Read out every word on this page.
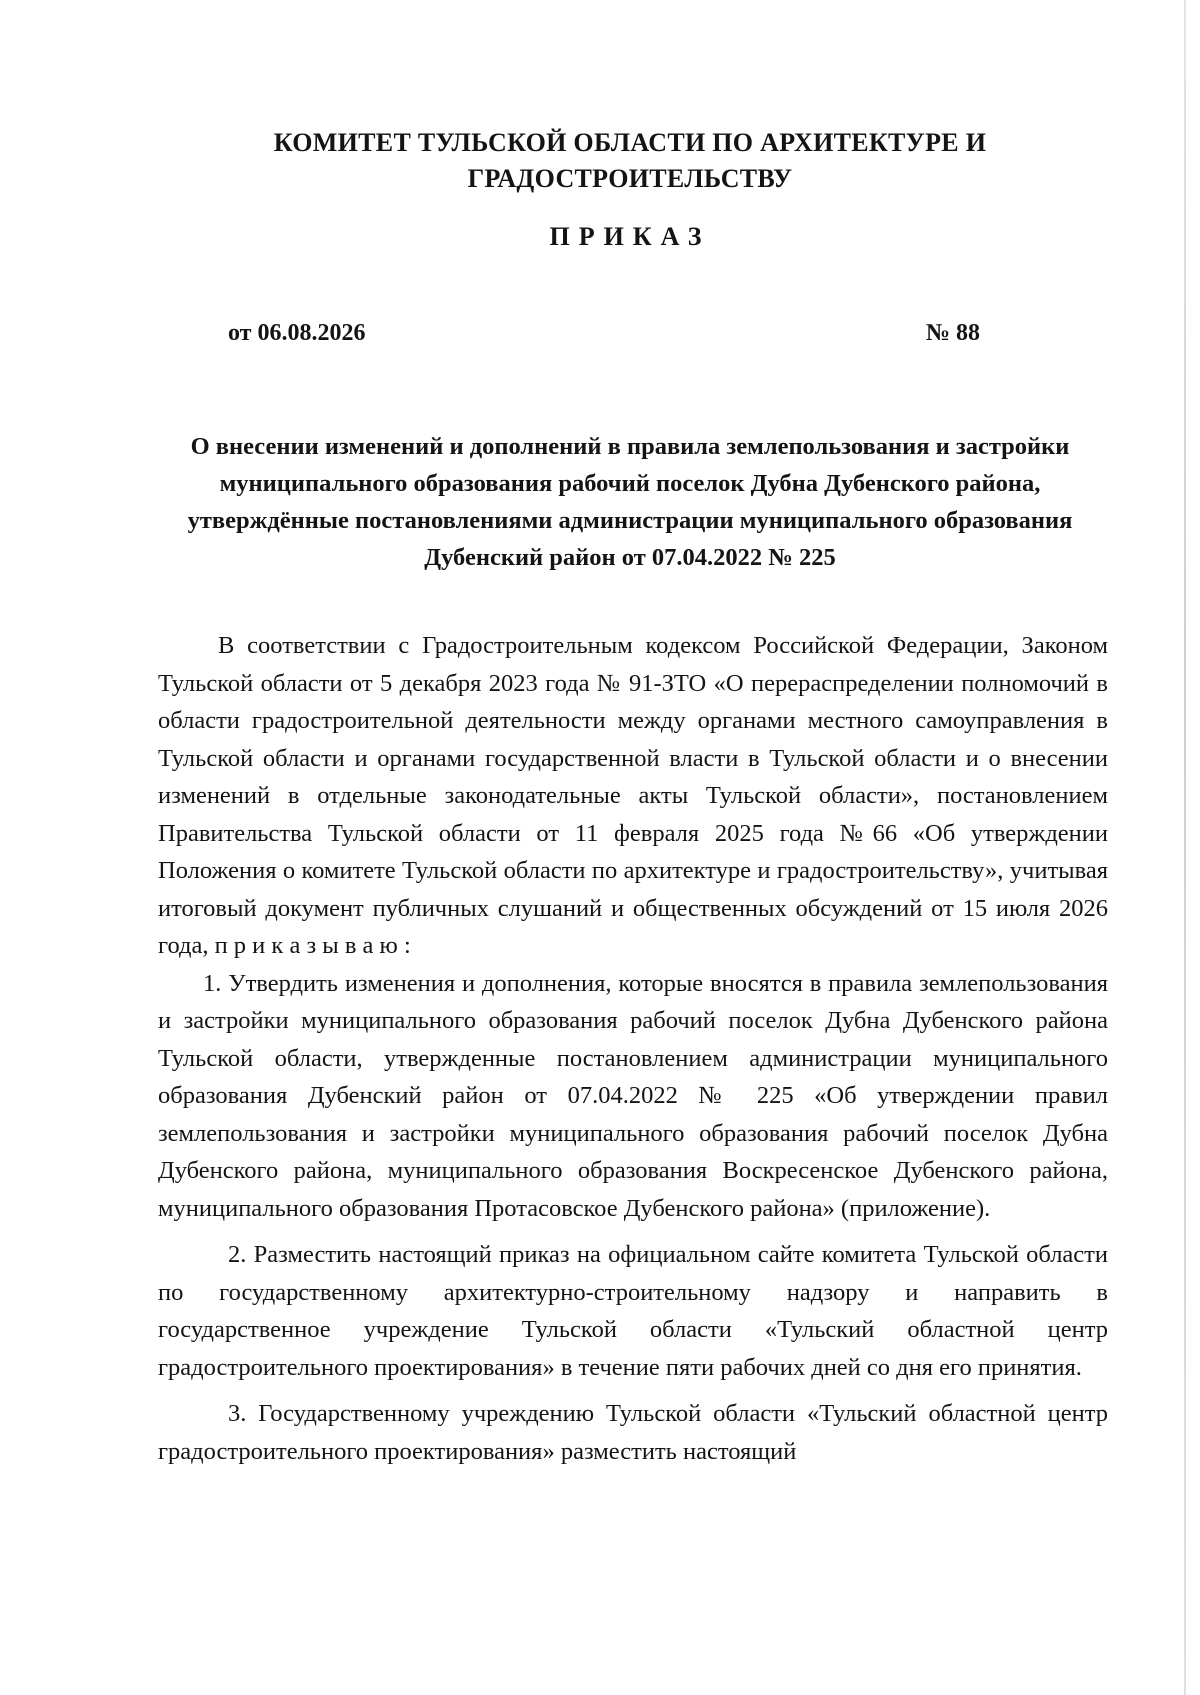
КОМИТЕТ ТУЛЬСКОЙ ОБЛАСТИ ПО АРХИТЕКТУРЕ И ГРАДОСТРОИТЕЛЬСТВУ
ПРИКАЗ
от 06.08.2026	№ 88
О внесении изменений и дополнений в правила землепользования и застройки муниципального образования рабочий поселок Дубна Дубенского района, утверждённые постановлениями администрации муниципального образования Дубенский район от 07.04.2022 № 225

В соответствии с Градостроительным кодексом Российской Федерации, Законом Тульской области от 5 декабря 2023 года № 91-ЗТО «О перераспределении полномочий в области градостроительной деятельности между органами местного самоуправления в Тульской области и органами государственной власти в Тульской области и о внесении изменений в отдельные законодательные акты Тульской области», постановлением Правительства Тульской области от 11 февраля 2025 года №66 «Об утверждении Положения о комитете Тульской области по архитектуре и градостроительству», учитывая итоговый документ публичных слушаний и общественных обсуждений от 15 июля 2026 года, п р и к а з ы в а ю :

1. Утвердить изменения и дополнения, которые вносятся в правила землепользования и застройки муниципального образования рабочий поселок Дубна Дубенского района Тульской области, утвержденные постановлением администрации муниципального образования Дубенский район от 07.04.2022 № 225 «Об утверждении правил землепользования и застройки муниципального образования рабочий поселок Дубна Дубенского района, муниципального образования Воскресенское Дубенского района, муниципального образования Протасовское Дубенского района» (приложение).

2. Разместить настоящий приказ на официальном сайте комитета Тульской области по государственному архитектурно-строительному надзору и направить в государственное учреждение Тульской области «Тульский областной центр градостроительного проектирования» в течение пяти рабочих дней со дня его принятия.

3. Государственному учреждению Тульской области «Тульский областной центр градостроительного проектирования» разместить настоящий
